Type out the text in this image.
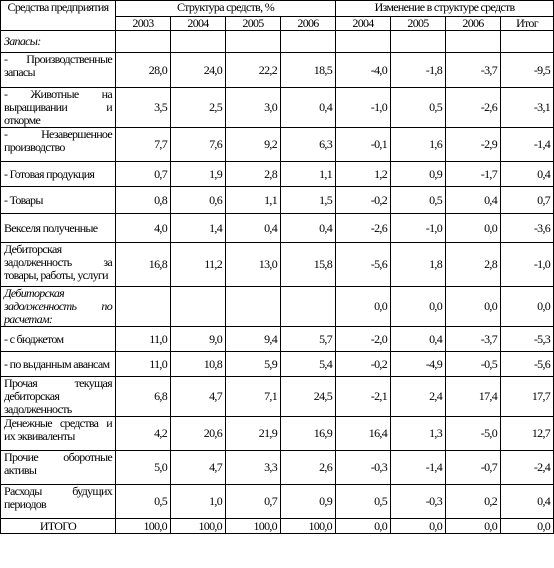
Средства предприятия	Структура средств, %				Изменение в структуре средств			
	2003	2004	2005	2006	2004	2005	2006	Итог
Запасы:								
- Производственные запасы	28,0	24,0	22,2	18,5	-4,0	-1,8	-3,7	-9,5
- Животные на выращивании и откорме	3,5	2,5	3,0	0,4	-1,0	0,5	-2,6	-3,1
- Незавершенное производство	7,7	7,6	9,2	6,3	-0,1	1,6	-2,9	-1,4
- Готовая продукция	0,7	1,9	2,8	1,1	1,2	0,9	-1,7	0,4
- Товары	0,8	0,6	1,1	1,5	-0,2	0,5	0,4	0,7
Векселя полученные	4,0	1,4	0,4	0,4	-2,6	-1,0	0,0	-3,6
Дебиторская задолженность за товары, работы, услуги	16,8	11,2	13,0	15,8	-5,6	1,8	2,8	-1,0
Дебиторская задолженность по расчетам:					0,0	0,0	0,0	0,0
- с бюджетом	11,0	9,0	9,4	5,7	-2,0	0,4	-3,7	-5,3
- по выданным авансам	11,0	10,8	5,9	5,4	-0,2	-4,9	-0,5	-5,6
Прочая текущая дебиторская задолженность	6,8	4,7	7,1	24,5	-2,1	2,4	17,4	17,7
Денежные средства и их эквиваленты	4,2	20,6	21,9	16,9	16,4	1,3	-5,0	12,7
Прочие оборотные активы	5,0	4,7	3,3	2,6	-0,3	-1,4	-0,7	-2,4
Расходы будущих периодов	0,5	1,0	0,7	0,9	0,5	-0,3	0,2	0,4
ИТОГО	100,0	100,0	100,0	100,0	0,0	0,0	0,0	0,0
